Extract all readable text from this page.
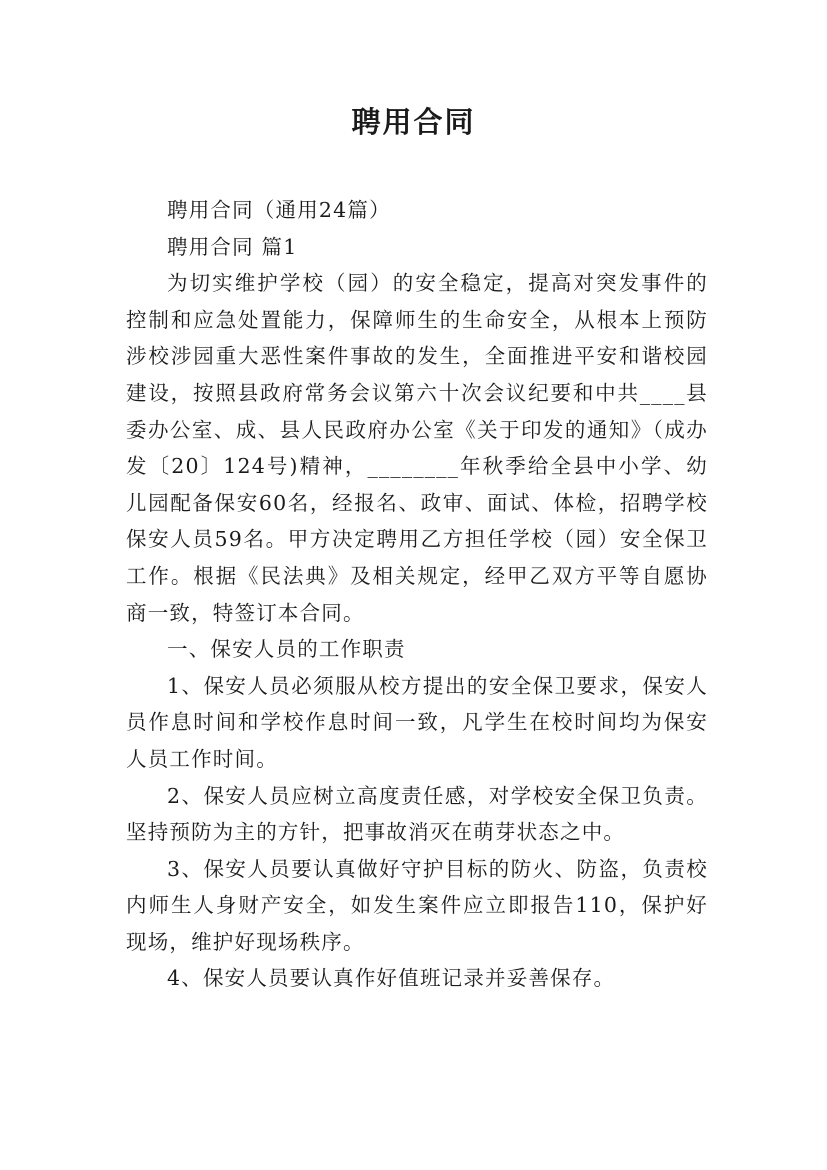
聘用合同

聘用合同（通用24篇）

聘用合同 篇1

为切实维护学校（园）的安全稳定，提高对突发事件的控制和应急处置能力，保障师生的生命安全，从根本上预防涉校涉园重大恶性案件事故的发生，全面推进平安和谐校园建设，按照县政府常务会议第六十次会议纪要和中共____县委办公室、成、县人民政府办公室《关于印发的通知》（成办发〔20〕124号)精神，________年秋季给全县中小学、幼儿园配备保安60名，经报名、政审、面试、体检，招聘学校保安人员59名。甲方决定聘用乙方担任学校（园）安全保卫工作。根据《民法典》及相关规定，经甲乙双方平等自愿协商一致，特签订本合同。

一、保安人员的工作职责

1、保安人员必须服从校方提出的安全保卫要求，保安人员作息时间和学校作息时间一致，凡学生在校时间均为保安人员工作时间。

2、保安人员应树立高度责任感，对学校安全保卫负责。坚持预防为主的方针，把事故消灭在萌芽状态之中。

3、保安人员要认真做好守护目标的防火、防盗，负责校内师生人身财产安全，如发生案件应立即报告110，保护好现场，维护好现场秩序。

4、保安人员要认真作好值班记录并妥善保存。
